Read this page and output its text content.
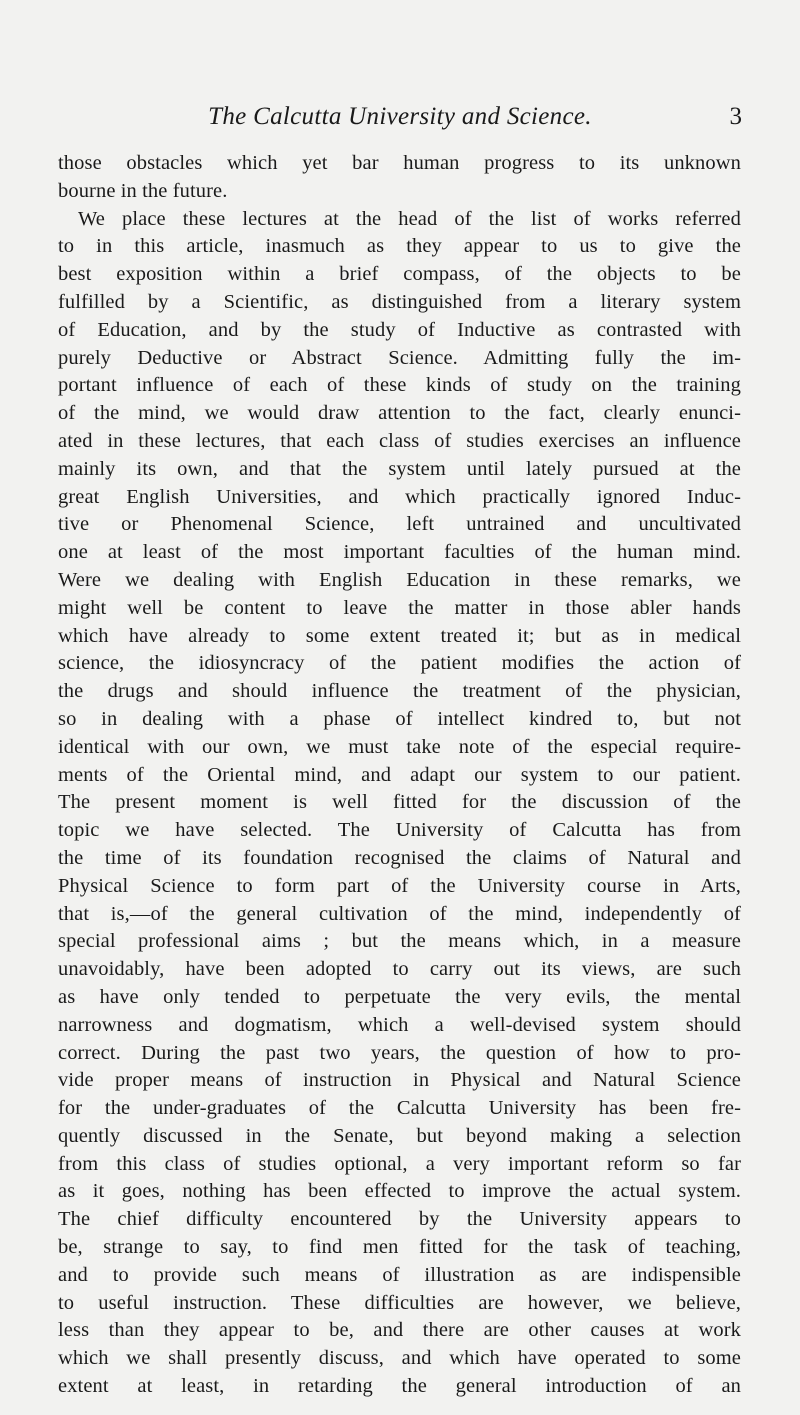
The Calcutta University and Science.	3
those obstacles which yet bar human progress to its unknown
bourne in the future.
We place these lectures at the head of the list of works referred
to in this article, inasmuch as they appear to us to give the
best exposition within a brief compass, of the objects to be
fulfilled by a Scientific, as distinguished from a literary system
of Education, and by the study of Inductive as contrasted with
purely Deductive or Abstract Science. Admitting fully the im-
portant influence of each of these kinds of study on the training
of the mind, we would draw attention to the fact, clearly enunci-
ated in these lectures, that each class of studies exercises an influence
mainly its own, and that the system until lately pursued at the
great English Universities, and which practically ignored Induc-
tive or Phenomenal Science, left untrained and uncultivated
one at least of the most important faculties of the human mind.
Were we dealing with English Education in these remarks, we
might well be content to leave the matter in those abler hands
which have already to some extent treated it; but as in medical
science, the idiosyncracy of the patient modifies the action of
the drugs and should influence the treatment of the physician,
so in dealing with a phase of intellect kindred to, but not
identical with our own, we must take note of the especial require-
ments of the Oriental mind, and adapt our system to our patient.
The present moment is well fitted for the discussion of the
topic we have selected. The University of Calcutta has from
the time of its foundation recognised the claims of Natural and
Physical Science to form part of the University course in Arts,
that is,—of the general cultivation of the mind, independently of
special professional aims ; but the means which, in a measure
unavoidably, have been adopted to carry out its views, are such
as have only tended to perpetuate the very evils, the mental
narrowness and dogmatism, which a well-devised system should
correct. During the past two years, the question of how to pro-
vide proper means of instruction in Physical and Natural Science
for the under-graduates of the Calcutta University has been fre-
quently discussed in the Senate, but beyond making a selection
from this class of studies optional, a very important reform so far
as it goes, nothing has been effected to improve the actual system.
The chief difficulty encountered by the University appears to
be, strange to say, to find men fitted for the task of teaching,
and to provide such means of illustration as are indispensible
to useful instruction. These difficulties are however, we believe,
less than they appear to be, and there are other causes at work
which we shall presently discuss, and which have operated to some
extent at least, in retarding the general introduction of an
